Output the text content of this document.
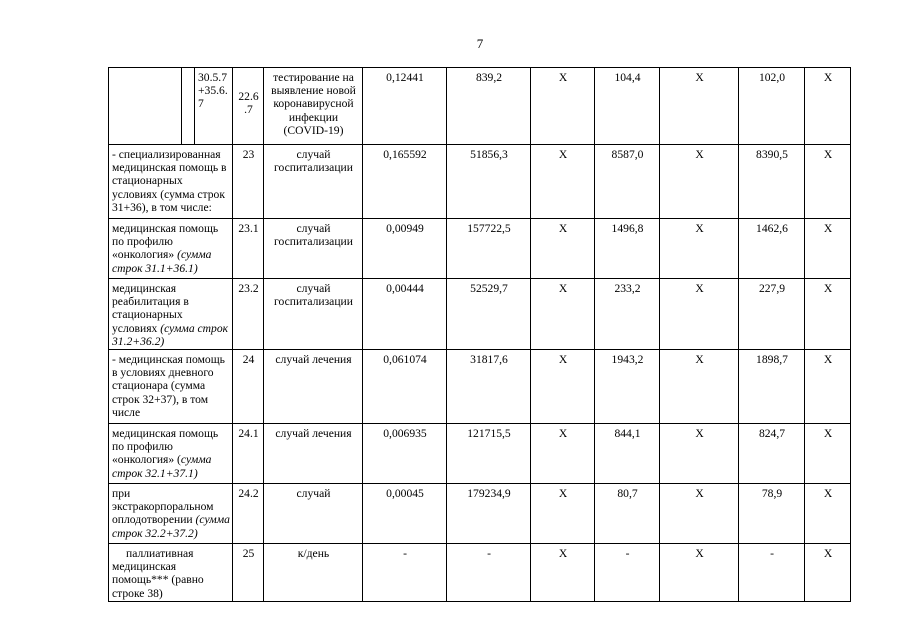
7
		30.5.7 +35.6. 7	22.6 .7	тестирование на выявление новой коронавирусной инфекции (COVID-19)	0,12441	839,2	Х	104,4	Х	102,0	Х
- специализированная медицинская помощь в стационарных условиях (сумма строк 31+36), в том числе:			23	случай госпитализации	0,165592	51856,3	Х	8587,0	Х	8390,5	Х
медицинская помощь по профилю «онкология» (сумма строк 31.1+36.1)			23.1	случай госпитализации	0,00949	157722,5	Х	1496,8	Х	1462,6	Х
медицинская реабилитация в стационарных условиях (сумма строк 31.2+36.2)			23.2	случай госпитализации	0,00444	52529,7	Х	233,2	Х	227,9	Х
- медицинская помощь в условиях дневного стационара (сумма строк 32+37), в том числе			24	случай лечения	0,061074	31817,6	Х	1943,2	Х	1898,7	Х
медицинская помощь по профилю «онкология» (сумма строк 32.1+37.1)			24.1	случай лечения	0,006935	121715,5	Х	844,1	Х	824,7	Х
при экстракорпоральном оплодотворении (сумма строк 32.2+37.2)			24.2	случай	0,00045	179234,9	Х	80,7	Х	78,9	Х
паллиативная медицинская помощь*** (равно строке 38)			25	к/день	-	-	Х	-	Х	-	Х
